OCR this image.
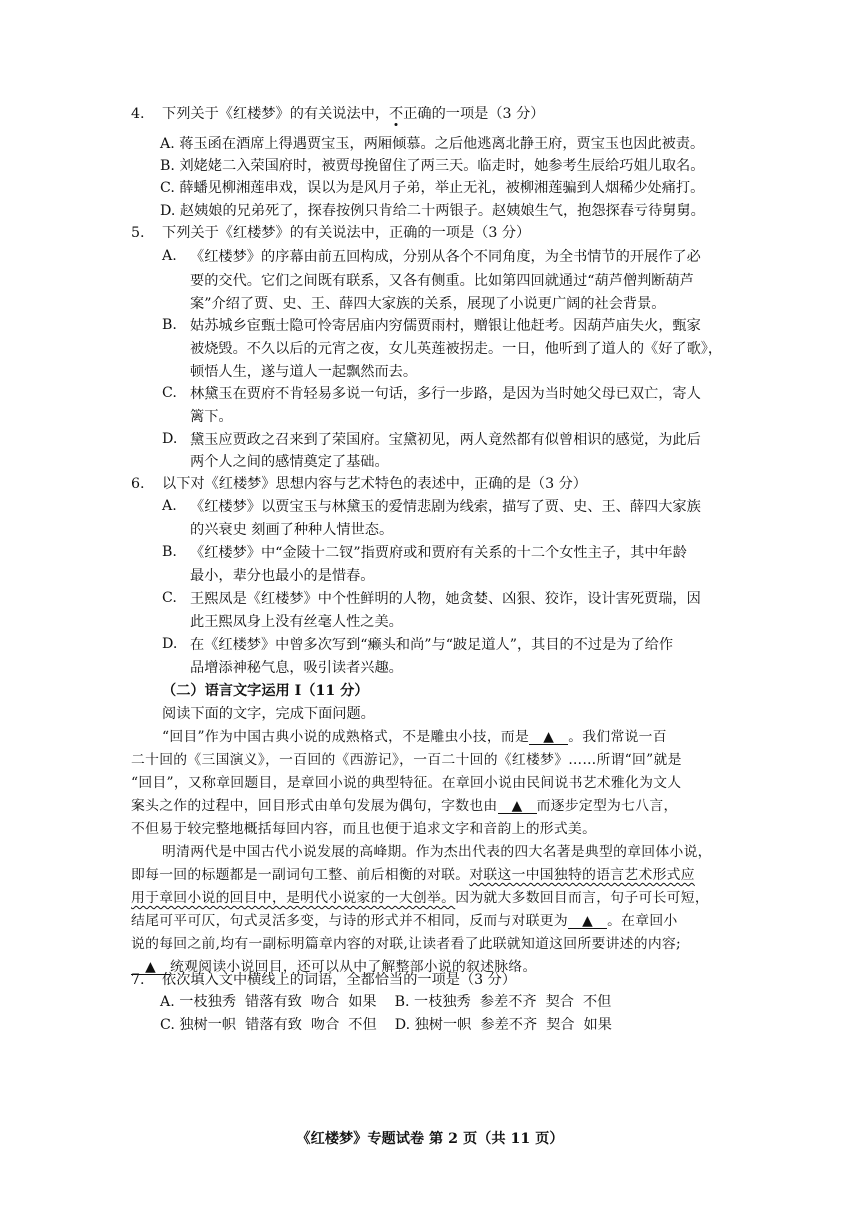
4. 下列关于《红楼梦》的有关说法中，不正确的一项是（3 分）
A. 蒋玉函在酒席上得遇贾宝玉，两厢倾慕。之后他逃离北静王府，贾宝玉也因此被责。
B. 刘姥姥二入荣国府时，被贾母挽留住了两三天。临走时，她参考生辰给巧姐儿取名。
C. 薛蟠见柳湘莲串戏，误以为是风月子弟，举止无礼，被柳湘莲骗到人烟稀少处痛打。
D. 赵姨娘的兄弟死了，探春按例只肯给二十两银子。赵姨娘生气，抱怨探春亏待舅舅。
5. 下列关于《红楼梦》的有关说法中，正确的一项是（3 分）
A. 《红楼梦》的序幕由前五回构成，分别从各个不同角度，为全书情节的开展作了必
要的交代。它们之间既有联系，又各有侧重。比如第四回就通过“葫芦僧判断葫芦
案”介绍了贾、史、王、薛四大家族的关系，展现了小说更广阔的社会背景。
B. 姑苏城乡宦甄士隐可怜寄居庙内穷儒贾雨村，赠银让他赶考。因葫芦庙失火，甄家
被烧毁。不久以后的元宵之夜，女儿英莲被拐走。一日，他听到了道人的《好了歌》，
顿悟人生，遂与道人一起飘然而去。
C. 林黛玉在贾府不肯轻易多说一句话，多行一步路，是因为当时她父母已双亡，寄人
篱下。
D. 黛玉应贾政之召来到了荣国府。宝黛初见，两人竟然都有似曾相识的感觉，为此后
两个人之间的感情奠定了基础。
6. 以下对《红楼梦》思想内容与艺术特色的表述中，正确的是（3 分）
A. 《红楼梦》以贾宝玉与林黛玉的爱情悲剧为线索，描写了贾、史、王、薛四大家族
的兴衰史 刻画了种种人情世态。
B. 《红楼梦》中“金陵十二钗”指贾府或和贾府有关系的十二个女性主子，其中年龄
最小，辈分也最小的是惜春。
C. 王熙凤是《红楼梦》中个性鲜明的人物，她贪婪、凶狠、狡诈，设计害死贾瑞，因
此王熙凤身上没有丝毫人性之美。
D. 在《红楼梦》中曾多次写到“癞头和尚”与“跛足道人”，其目的不过是为了给作
品增添神秘气息，吸引读者兴趣。
（二）语言文字运用 I（11 分）
阅读下面的文字，完成下面问题。
“回目”作为中国古典小说的成熟格式，不是雕虫小技，而是 ▲ 。我们常说一百
二十回的《三国演义》，一百回的《西游记》，一百二十回的《红楼梦》……所谓“回”就是
“回目”，又称章回题目，是章回小说的典型特征。在章回小说由民间说书艺术雅化为文人
案头之作的过程中，回目形式由单句发展为偶句，字数也由 ▲ 而逐步定型为七八言，
不但易于较完整地概括每回内容，而且也便于追求文字和音韵上的形式美。
明清两代是中国古代小说发展的高峰期。作为杰出代表的四大名著是典型的章回体小说，
即每一回的标题都是一副词句工整、前后相衡的对联。对联这一中国独特的语言艺术形式应
用于章回小说的回目中，是明代小说家的一大创举。因为就大多数回目而言，句子可长可短，
结尾可平可仄，句式灵活多变，与诗的形式并不相同，反而与对联更为 ▲ 。在章回小
说的每回之前,均有一副标明篇章内容的对联,让读者看了此联就知道这回所要讲述的内容;
▲ 统观阅读小说回目，还可以从中了解整部小说的叙述脉络。
7. 依次填入文中横线上的词语，全都恰当的一项是（3 分）
A. 一枝独秀  错落有致  吻合  如果    B. 一枝独秀  参差不齐  契合  不但
C. 独树一帜  错落有致  吻合  不但    D. 独树一帜  参差不齐  契合  如果
《红楼梦》专题试卷 第 2 页（共 11 页）
